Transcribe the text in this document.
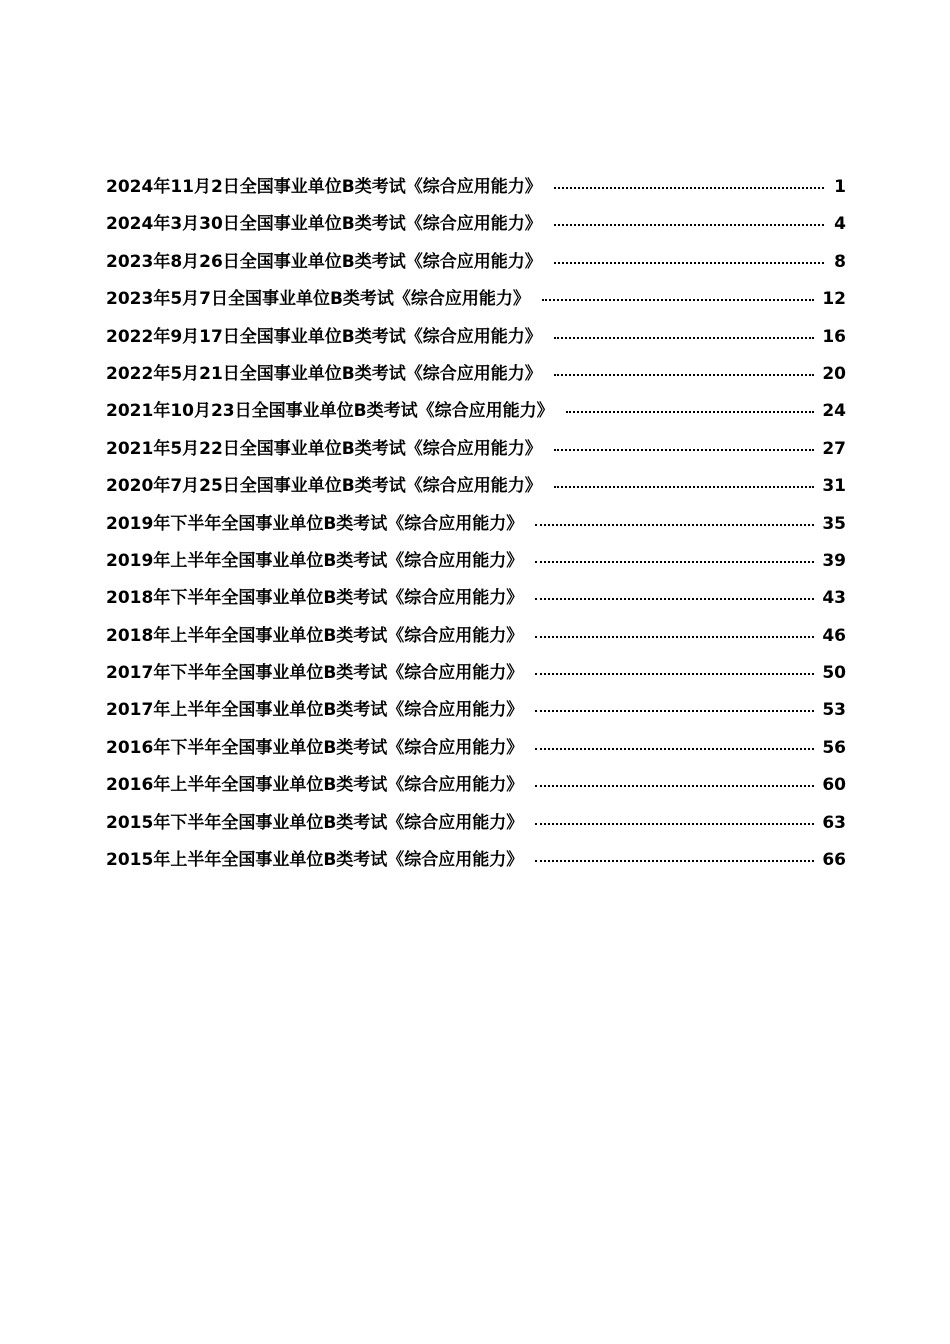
2024年11月2日全国事业单位B类考试《综合应用能力》	1
2024年3月30日全国事业单位B类考试《综合应用能力》	4
2023年8月26日全国事业单位B类考试《综合应用能力》	8
2023年5月7日全国事业单位B类考试《综合应用能力》	12
2022年9月17日全国事业单位B类考试《综合应用能力》	16
2022年5月21日全国事业单位B类考试《综合应用能力》	20
2021年10月23日全国事业单位B类考试《综合应用能力》	24
2021年5月22日全国事业单位B类考试《综合应用能力》	27
2020年7月25日全国事业单位B类考试《综合应用能力》	31
2019年下半年全国事业单位B类考试《综合应用能力》	35
2019年上半年全国事业单位B类考试《综合应用能力》	39
2018年下半年全国事业单位B类考试《综合应用能力》	43
2018年上半年全国事业单位B类考试《综合应用能力》	46
2017年下半年全国事业单位B类考试《综合应用能力》	50
2017年上半年全国事业单位B类考试《综合应用能力》	53
2016年下半年全国事业单位B类考试《综合应用能力》	56
2016年上半年全国事业单位B类考试《综合应用能力》	60
2015年下半年全国事业单位B类考试《综合应用能力》	63
2015年上半年全国事业单位B类考试《综合应用能力》	66
